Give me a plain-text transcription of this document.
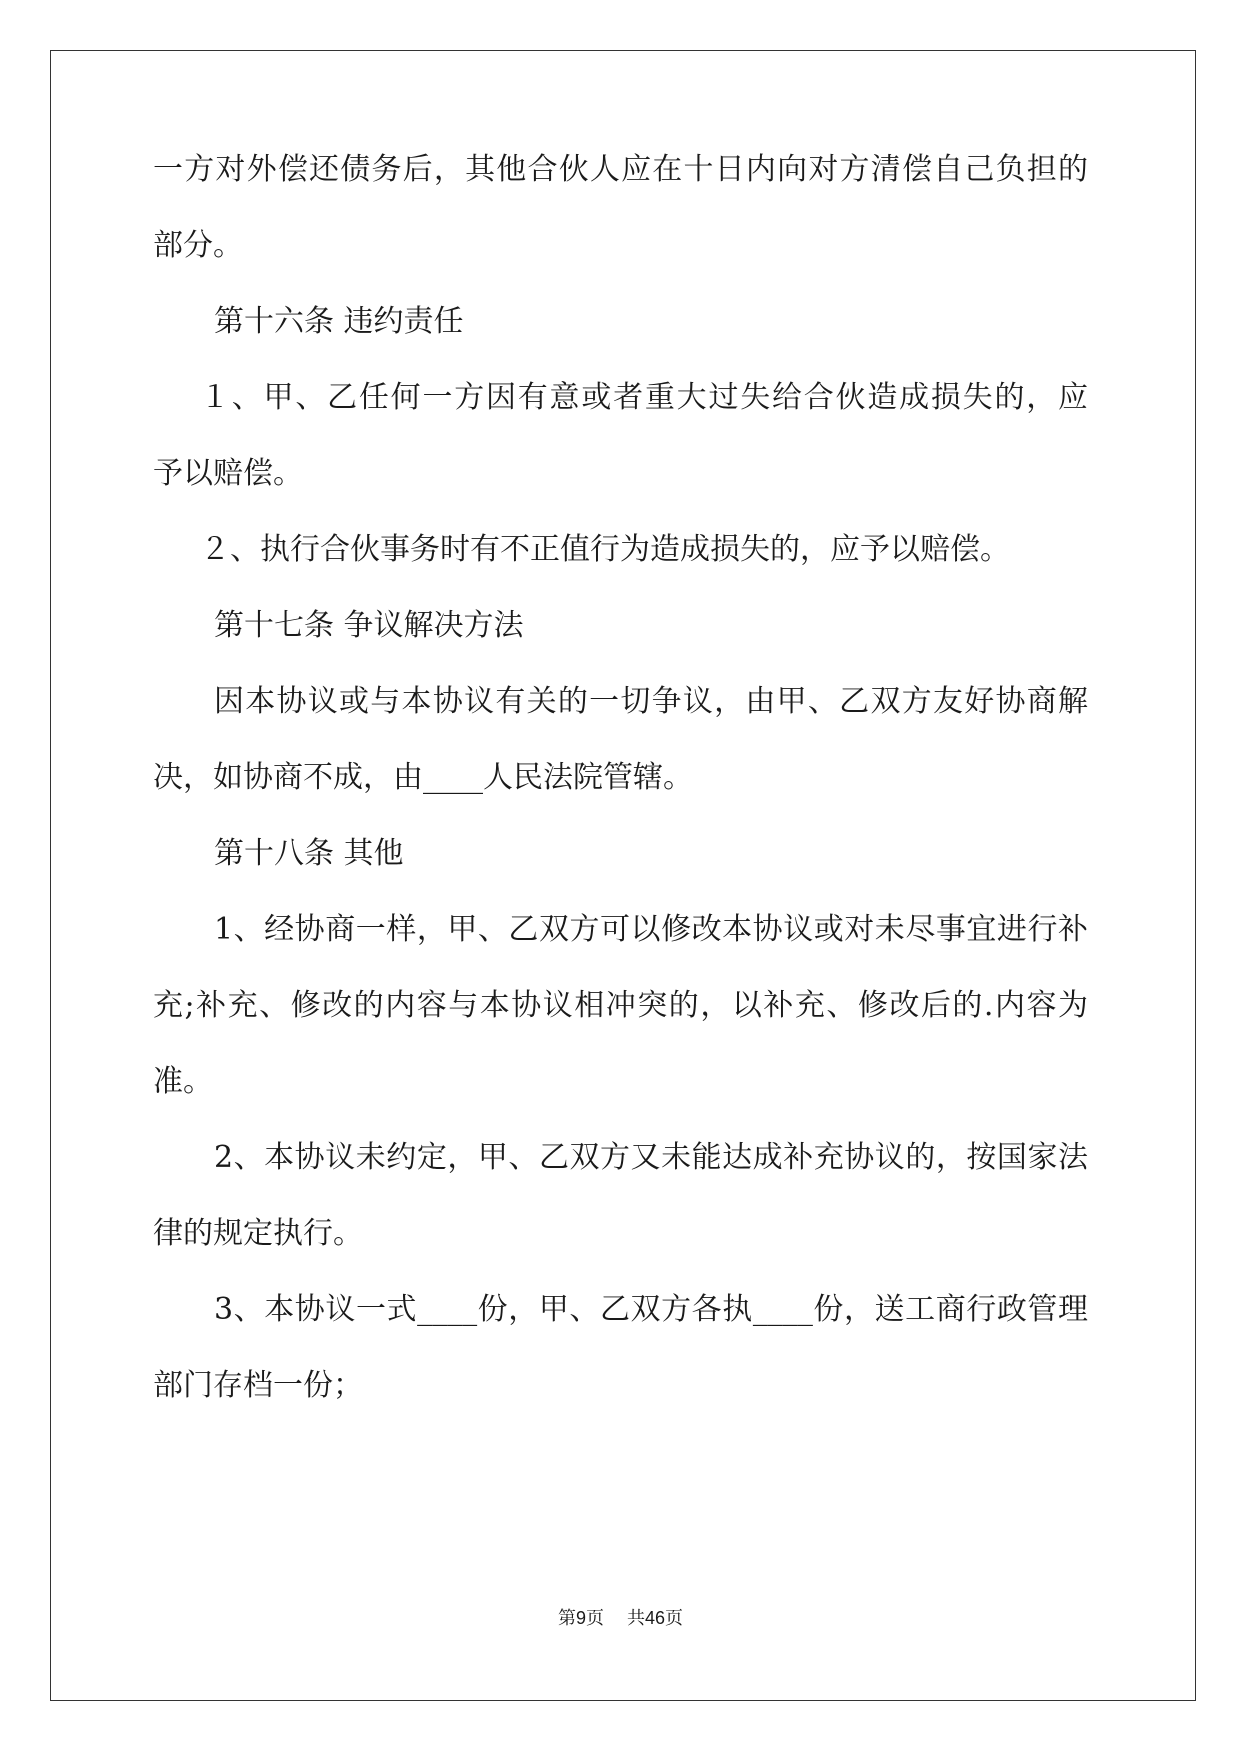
一方对外偿还债务后，其他合伙人应在十日内向对方清偿自己负担的
部分。
第十六条 违约责任
１、甲、乙任何一方因有意或者重大过失给合伙造成损失的，应
予以赔偿。
２、执行合伙事务时有不正值行为造成损失的，应予以赔偿。
第十七条 争议解决方法
因本协议或与本协议有关的一切争议，由甲、乙双方友好协商解
决，如协商不成，由____人民法院管辖。
第十八条 其他
1、经协商一样，甲、乙双方可以修改本协议或对未尽事宜进行补
充;补充、修改的内容与本协议相冲突的，以补充、修改后的.内容为
准。
2、本协议未约定，甲、乙双方又未能达成补充协议的，按国家法
律的规定执行。
3、本协议一式____份，甲、乙双方各执____份，送工商行政管理
部门存档一份；
第9页 共46页
